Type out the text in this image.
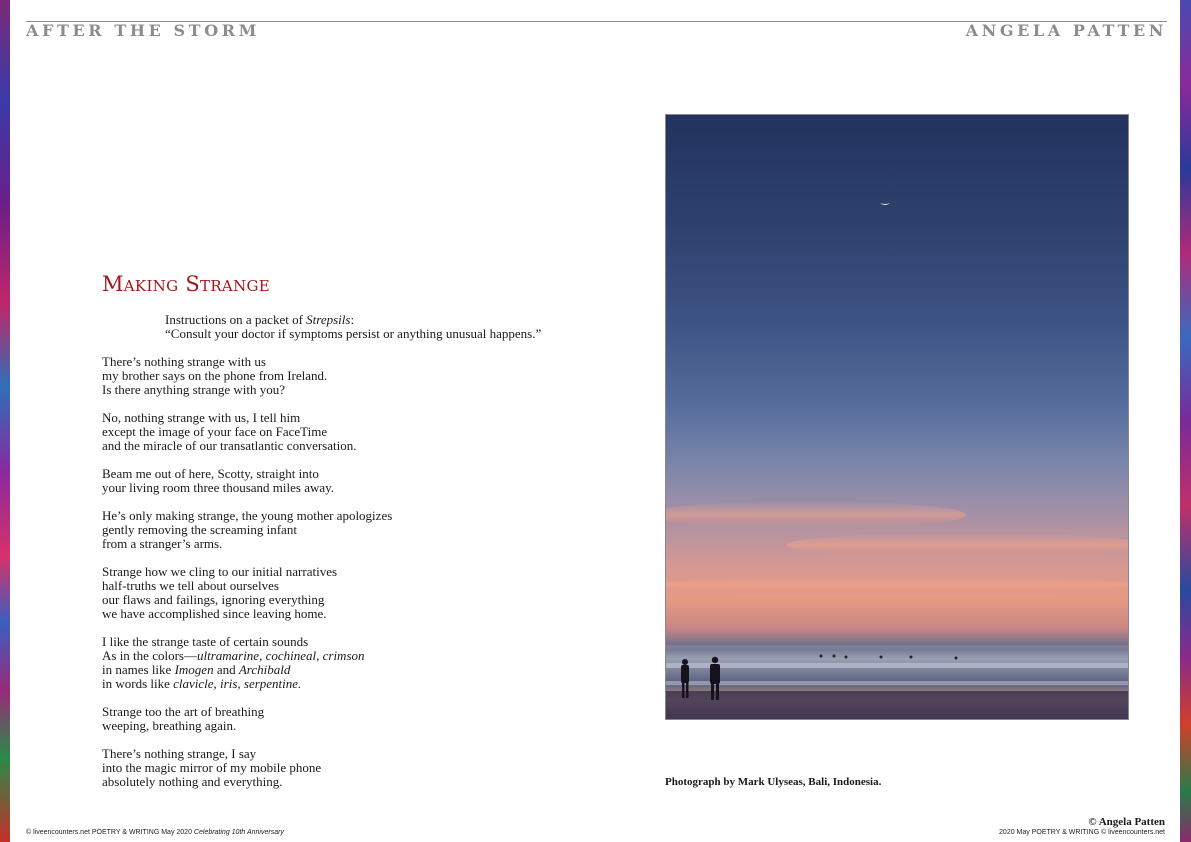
AFTER THE STORM	ANGELA PATTEN
Making Strange
Instructions on a packet of Strepsils:
“Consult your doctor if symptoms persist or anything unusual happens.”
There’s nothing strange with us
my brother says on the phone from Ireland.
Is there anything strange with you?
No, nothing strange with us, I tell him
except the image of your face on FaceTime
and the miracle of our transatlantic conversation.
Beam me out of here, Scotty, straight into
your living room three thousand miles away.
He’s only making strange, the young mother apologizes
gently removing the screaming infant
from a stranger’s arms.
Strange how we cling to our initial narratives
half-truths we tell about ourselves
our flaws and failings, ignoring everything
we have accomplished since leaving home.
I like the strange taste of certain sounds
As in the colors—ultramarine, cochineal, crimson
in names like Imogen and Archibald
in words like clavicle, iris, serpentine.
Strange too the art of breathing
weeping, breathing again.
There’s nothing strange, I say
into the magic mirror of my mobile phone
absolutely nothing and everything.	Photograph by Mark Ulyseas, Bali, Indonesia.
© Angela Patten
© liveencounters.net POETRY & WRITING May 2020 Celebrating 10th Anniversary	2020 May POETRY & WRITING © liveencounters.net
